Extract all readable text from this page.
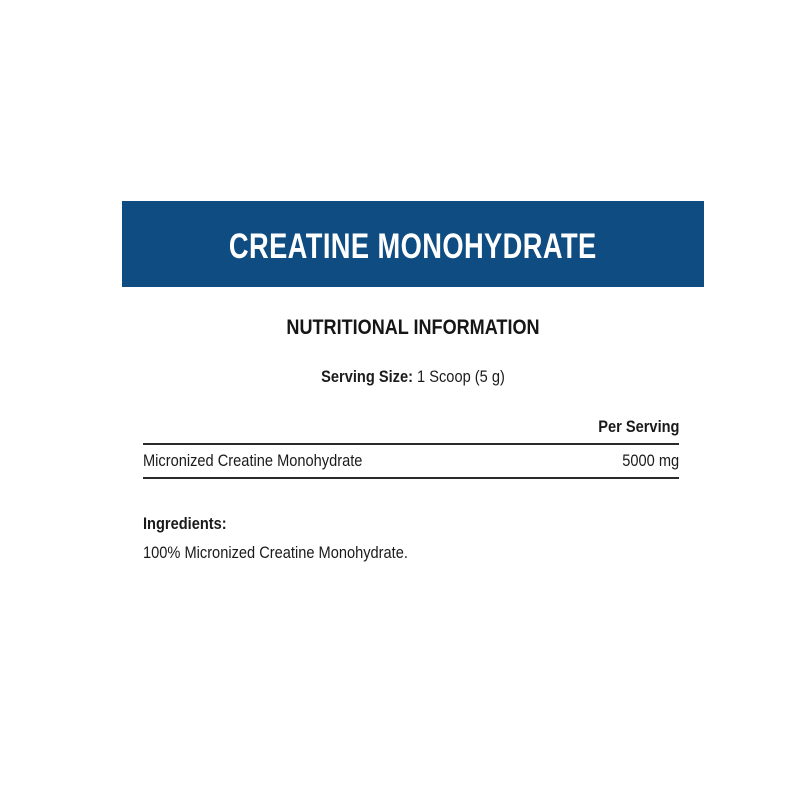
CREATINE MONOHYDRATE
NUTRITIONAL INFORMATION
Serving Size: 1 Scoop (5 g)
Per Serving
Micronized Creatine Monohydrate	5000 mg
Ingredients:
100% Micronized Creatine Monohydrate.
